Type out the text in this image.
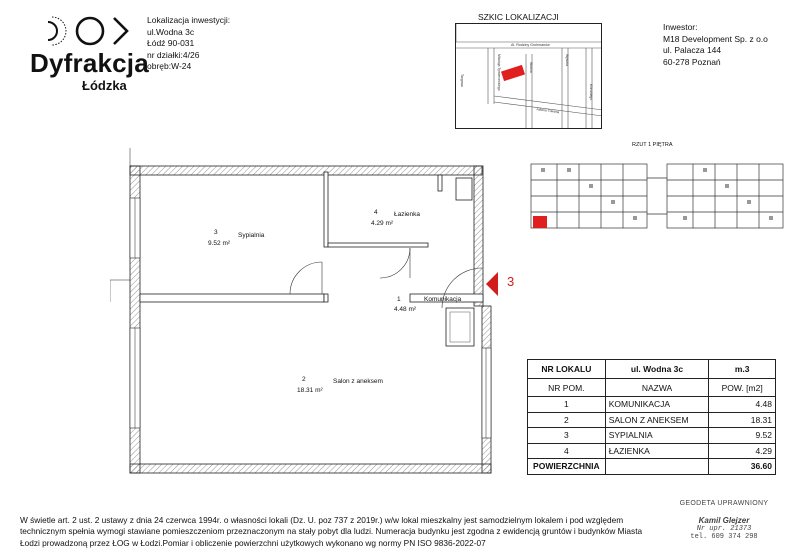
Dyfrakcja
Łódzka
Lokalizacja inwestycji:
ul.Wodna 3c
Łódź 90-031
nr działki:4/26
obręb:W-24
SZKIC LOKALIZACJI
Al. Rodziny Grohmanów
Mikołaja Tymienieckiego
Targowa
Wodna
Wysoka
Juliana Tuwima
Kilińskiego
Inwestor:
M18 Development Sp. z o.o
ul. Palacza 144
60-278 Poznań
RZUT 1 PIĘTRA
3	Sypialnia
9.52 m²
4	Łazienka
4.29 m²
1	Komunikacja
4.48 m²
2	Salon z aneksem
18.31 m²
3
NR LOKALU	ul. Wodna 3c	m.3
NR POM.	NAZWA	POW. [m2]
1	KOMUNIKACJA	4.48
2	SALON Z ANEKSEM	18.31
3	SYPIALNIA	9.52
4	ŁAZIENKA	4.29
POWIERZCHNIA		36.60
GEODETA UPRAWNIONY
Kamil Glejzer
Nr upr. 21373
tel. 609 374 298
W świetle art. 2 ust. 2 ustawy z dnia 24 czerwca 1994r. o własności lokali (Dz. U. poz 737 z 2019r.) w/w lokal mieszkalny jest samodzielnym lokalem i pod względem technicznym spełnia wymogi stawiane pomieszczeniom przeznaczonym na stały pobyt dla ludzi. Numeracja budynku jest zgodna z ewidencją gruntów i budynków Miasta Łodzi prowadzoną przez ŁOG w Łodzi.Pomiar i obliczenie powierzchni użytkowych wykonano wg normy PN ISO 9836-2022-07
